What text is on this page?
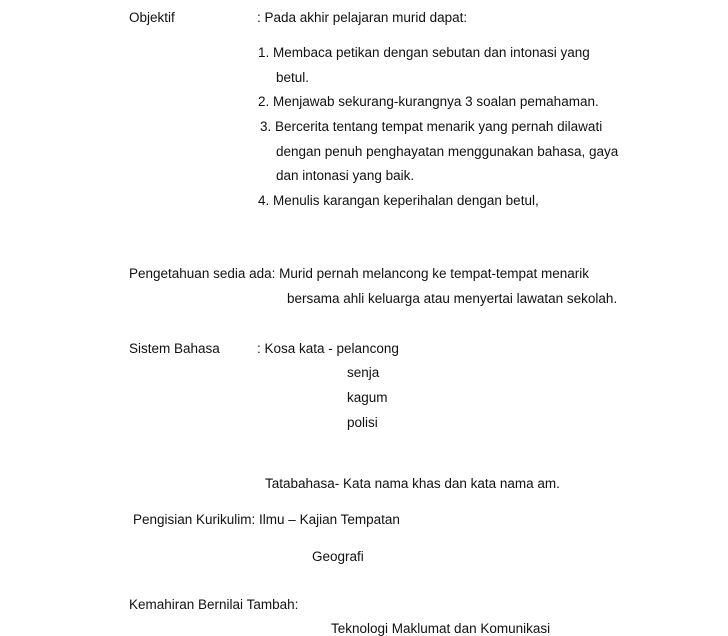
Objektif	: Pada akhir pelajaran murid dapat:
1. Membaca petikan dengan sebutan dan intonasi yang
betul.
2. Menjawab sekurang-kurangnya 3 soalan pemahaman.
3. Bercerita tentang tempat menarik yang pernah dilawati
dengan penuh penghayatan menggunakan bahasa, gaya
dan intonasi yang baik.
4. Menulis karangan keperihalan dengan betul,
Pengetahuan sedia ada: Murid pernah melancong ke tempat-tempat menarik
bersama ahli keluarga atau menyertai lawatan sekolah.
Sistem Bahasa	: Kosa kata - pelancong
senja
kagum
polisi
Tatabahasa- Kata nama khas dan kata nama am.
Pengisian Kurikulim: Ilmu – Kajian Tempatan
Geografi
Kemahiran Bernilai Tambah:
Teknologi Maklumat dan Komunikasi
